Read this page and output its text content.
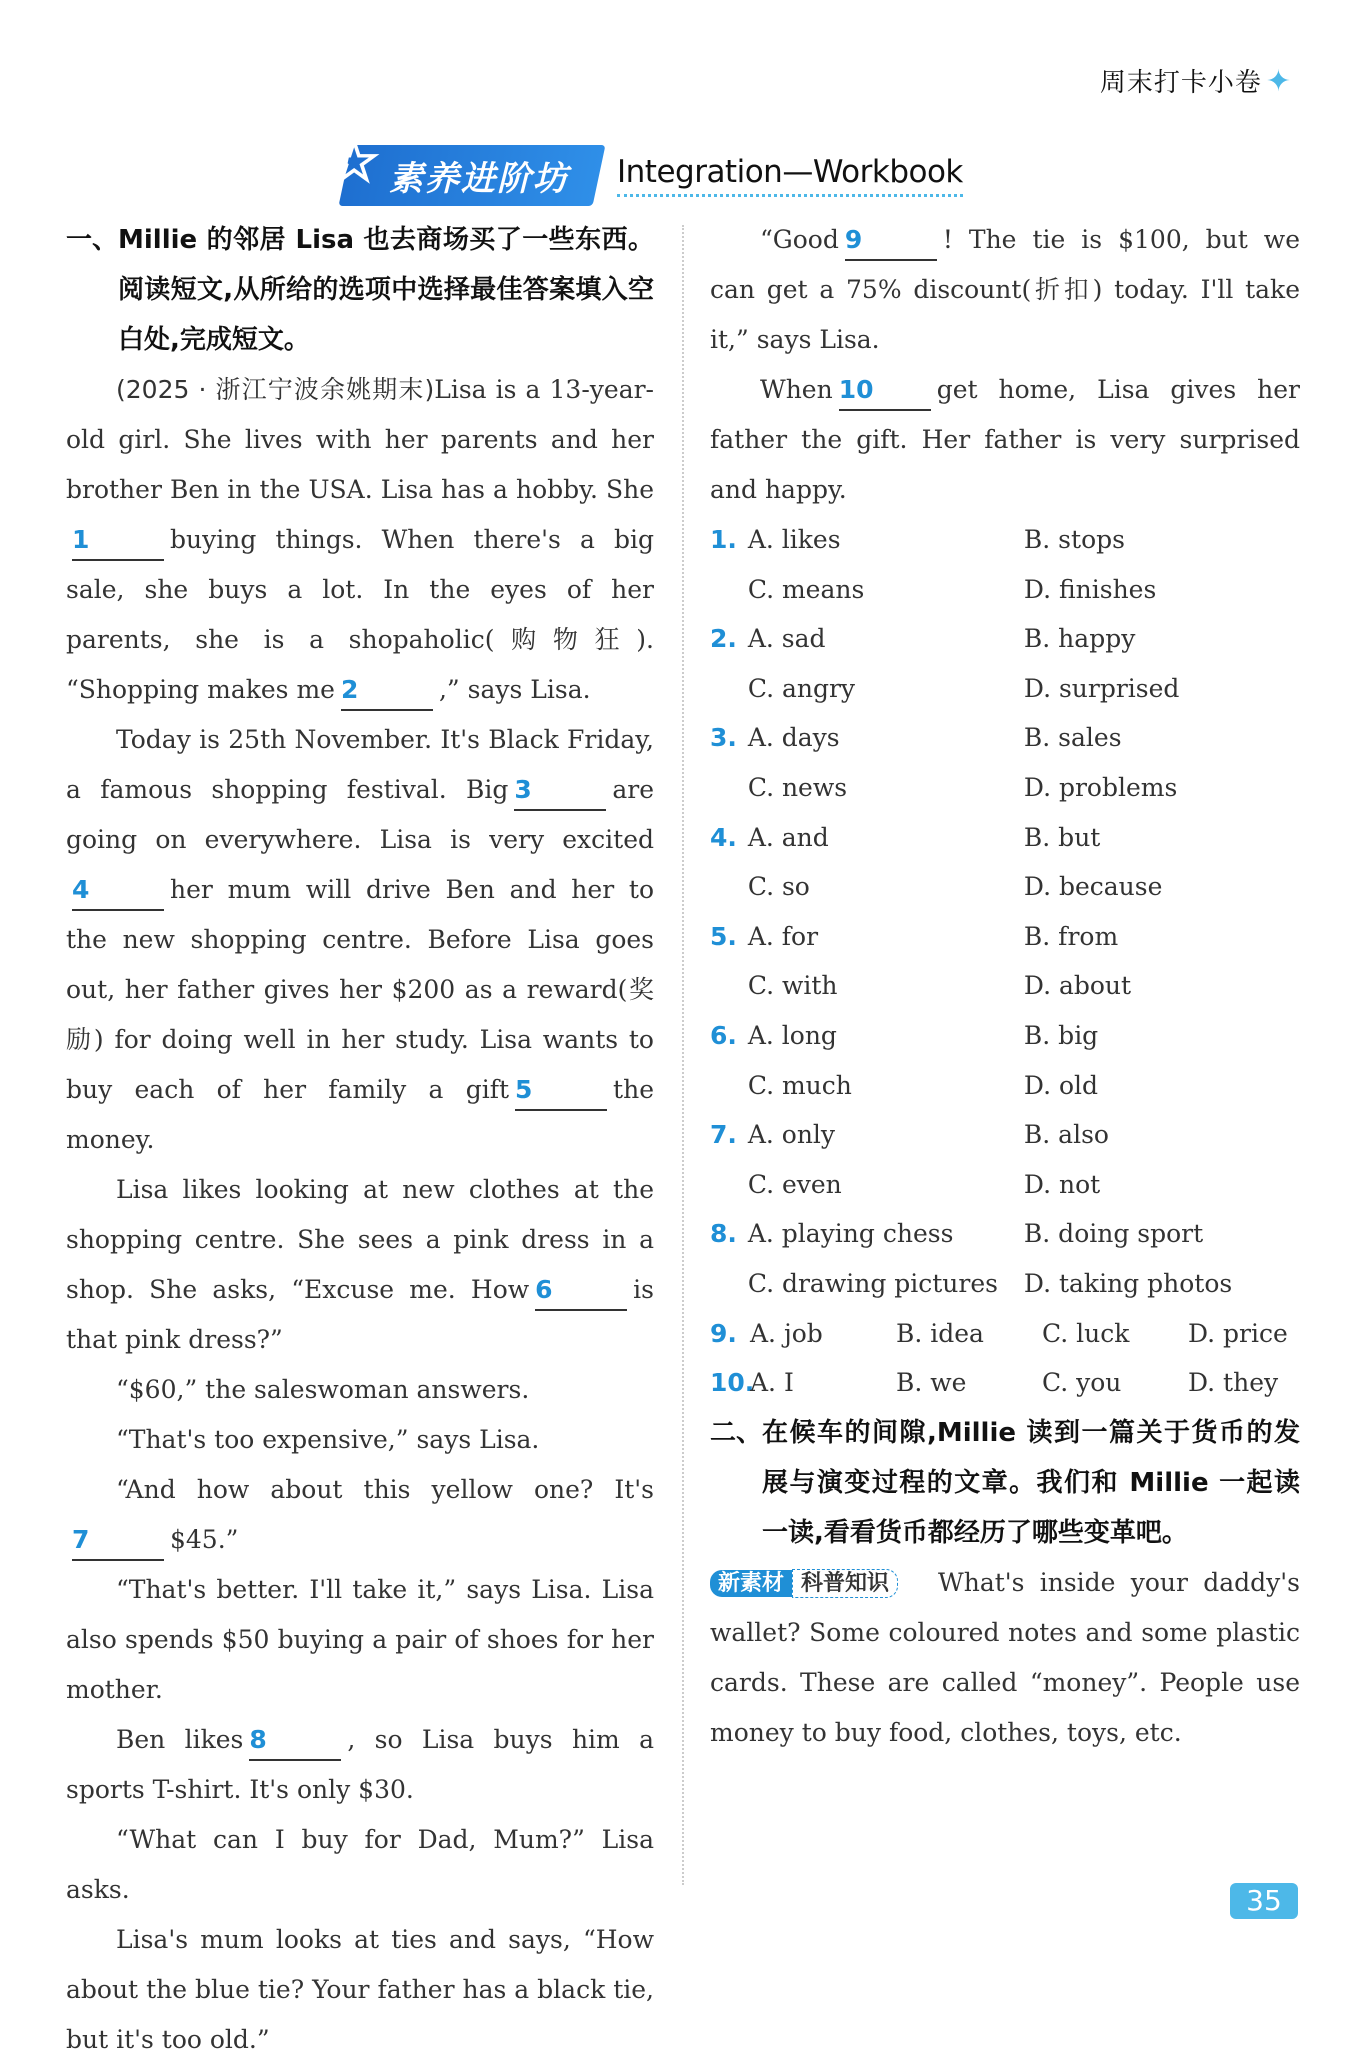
周末打卡小卷 ✦
☆ 素养进阶坊	Integration—Workbook
一、 Millie 的邻居 Lisa 也去商场买了一些东西。阅读短文,从所给的选项中选择最佳答案填入空白处,完成短文。

(2025 · 浙江宁波余姚期末)Lisa is a 13-year-old girl. She lives with her parents and her brother Ben in the USA. Lisa has a hobby. She1	buying things. When there's a big sale, she buys a lot. In the eyes of her parents, she is a shopaholic(购物狂). “Shopping makes me 2	,” says Lisa.

Today is 25th November. It's Black Friday, a famous shopping festival. Big 3	are going on everywhere. Lisa is very excited4	her mum will drive Ben and her to the new shopping centre. Before Lisa goes out, her father gives her $200 as a reward(奖励) for doing well in her study. Lisa wants to buy each of her family a gift 5	the money.

Lisa likes looking at new clothes at the shopping centre. She sees a pink dress in a shop. She asks, “Excuse me. How 6	is that pink dress?”

“$60,” the saleswoman answers.

“That's too expensive,” says Lisa.

“And how about this yellow one? It's7	$45.”

“That's better. I'll take it,” says Lisa. Lisa also spends $50 buying a pair of shoes for her mother.

Ben likes 8	, so Lisa buys him a sports T-shirt. It's only $30.

“What can I buy for Dad, Mum?” Lisa asks.

Lisa's mum looks at ties and says, “How about the blue tie? Your father has a black tie, but it's too old.”

“Good 9	! The tie is $100, but we can get a 75% discount(折扣) today. I'll take it,” says Lisa.

When 10	get home, Lisa gives her father the gift. Her father is very surprised and happy.

1. A. likes	B. stops
C. means	D. finishes
2. A. sad	B. happy
C. angry	D. surprised
3. A. days	B. sales
C. news	D. problems
4. A. and	B. but
C. so	D. because
5. A. for	B. from
C. with	D. about
6. A. long	B. big
C. much	D. old
7. A. only	B. also
C. even	D. not
8. A. playing chess	B. doing sport
C. drawing pictures	D. taking photos
9. A. job	B. idea	C. luck	D. price
10.
A. I	B. we	C. you	D. they
二、 在候车的间隙,Millie 读到一篇关于货币的发展与演变过程的文章。我们和 Millie 一起读一读,看看货币都经历了哪些变革吧。

新素材 科普知识 What's inside your daddy's wallet? Some coloured notes and some plastic cards. These are called “money”. People use money to buy food, clothes, toys, etc.

35
